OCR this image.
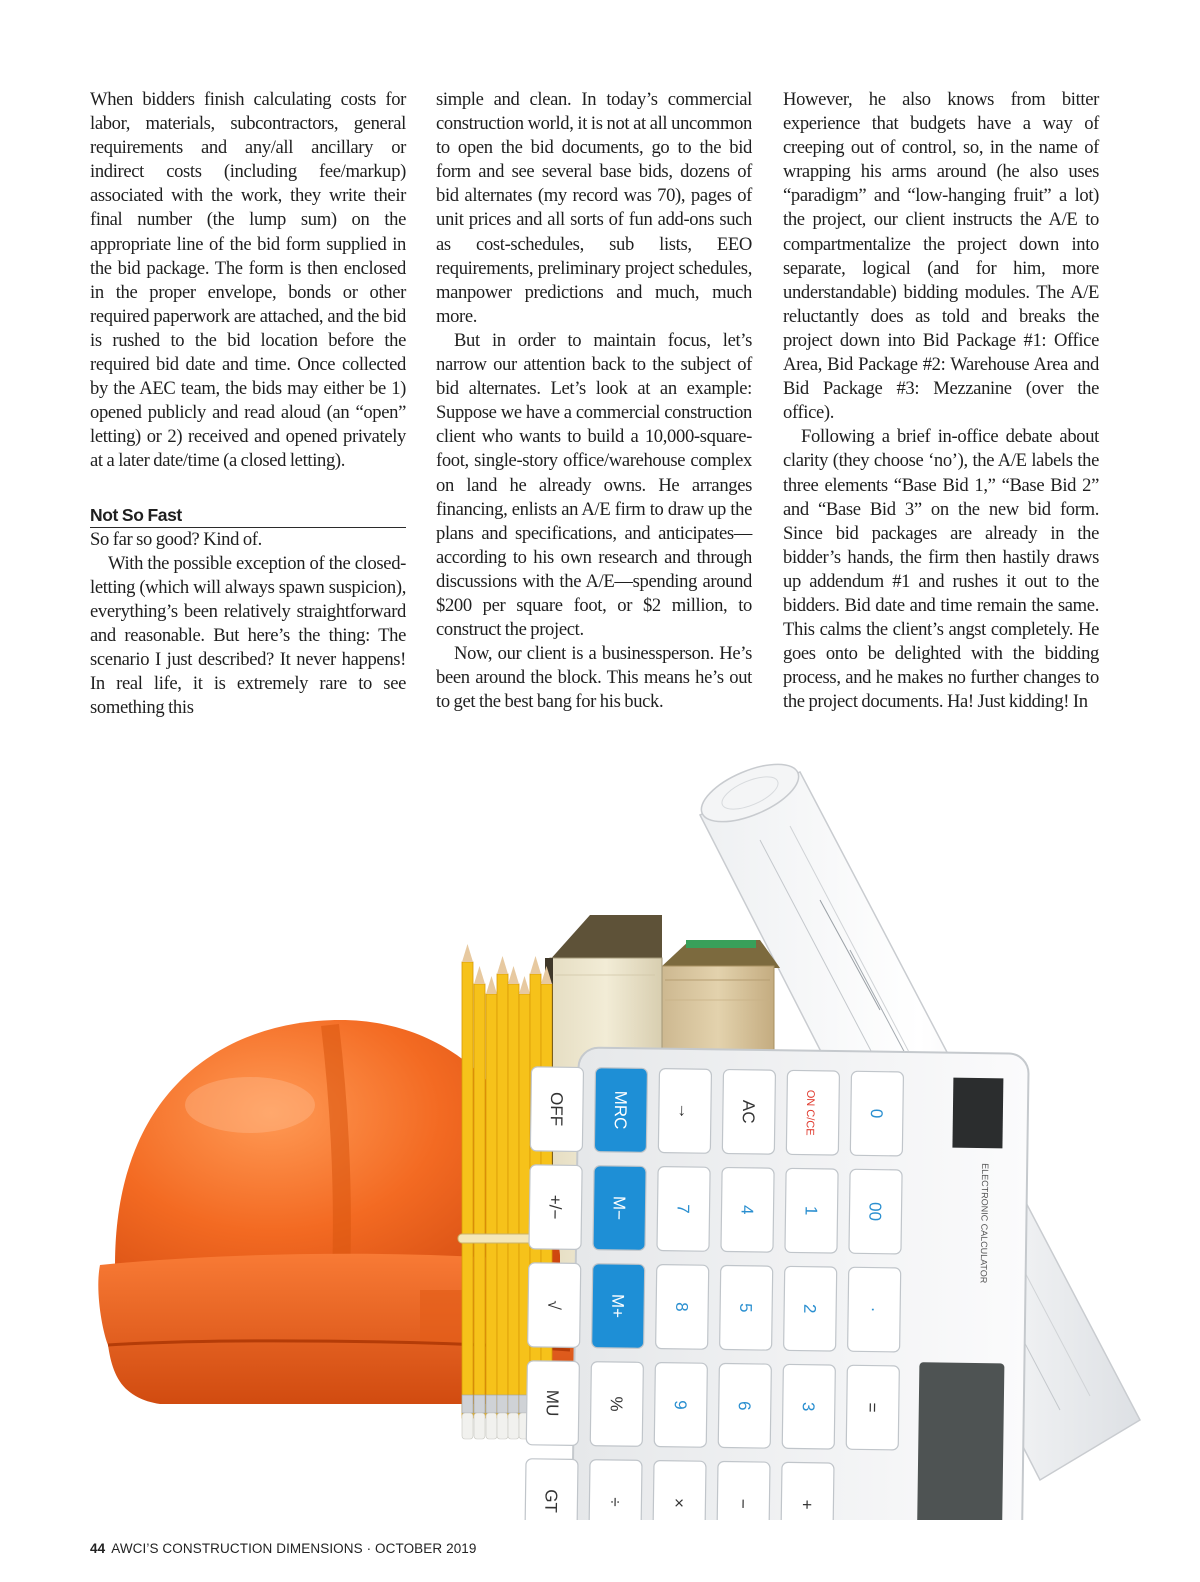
When bidders finish calculating costs for labor, materials, subcontractors, general requirements and any/all ancillary or indirect costs (including fee/markup) associated with the work, they write their final number (the lump sum) on the appropriate line of the bid form supplied in the bid package. The form is then enclosed in the proper envelope, bonds or other required paperwork are attached, and the bid is rushed to the bid location before the required bid date and time. Once collected by the AEC team, the bids may either be 1) opened publicly and read aloud (an “open” letting) or 2) received and opened privately at a later date/time (a closed letting).

Not So Fast

So far so good? Kind of.

With the possible exception of the closed-letting (which will always spawn suspicion), everything’s been relatively straightforward and reasonable. But here’s the thing: The scenario I just described? It never happens! In real life, it is extremely rare to see something this

simple and clean. In today’s commercial construction world, it is not at all uncommon to open the bid documents, go to the bid form and see several base bids, dozens of bid alternates (my record was 70), pages of unit prices and all sorts of fun add-ons such as cost-schedules, sub lists, EEO requirements, preliminary project schedules, manpower predictions and much, much more.

But in order to maintain focus, let’s narrow our attention back to the subject of bid alternates. Let’s look at an example: Suppose we have a commercial construction client who wants to build a 10,000-square-foot, single-story office/warehouse complex on land he already owns. He arranges financing, enlists an A/E firm to draw up the plans and specifications, and anticipates—according to his own research and through discussions with the A/E—spending around $200 per square foot, or $2 million, to construct the project.

Now, our client is a businessperson. He’s been around the block. This means he’s out to get the best bang for his buck.

However, he also knows from bitter experience that budgets have a way of creeping out of control, so, in the name of wrapping his arms around (he also uses “paradigm” and “low-hanging fruit” a lot) the project, our client instructs the A/E to compartmentalize the project down into separate, logical (and for him, more understandable) bidding modules. The A/E reluctantly does as told and breaks the project down into Bid Package #1: Office Area, Bid Package #2: Warehouse Area and Bid Package #3: Mezzanine (over the office).

Following a brief in-office debate about clarity (they choose ‘no’), the A/E labels the three elements “Base Bid 1,” “Base Bid 2” and “Base Bid 3” on the new bid form. Since bid packages are already in the bidder’s hands, the firm then hastily draws up addendum #1 and rushes it out to the bidders. Bid date and time remain the same. This calms the client’s angst completely. He goes onto be delighted with the bidding process, and he makes no further changes to the project documents. Ha! Just kidding! In

ELECTRONIC CALCULATOR
OFF
+/−
√
MU
GT
MRC
M−
M+
%
÷
→
7
8
9
×
AC
4
5
6
−
ON C/CE
1
2
3
+
0
00
·
=
44 AWCI’S CONSTRUCTION DIMENSIONS · OCTOBER 2019
